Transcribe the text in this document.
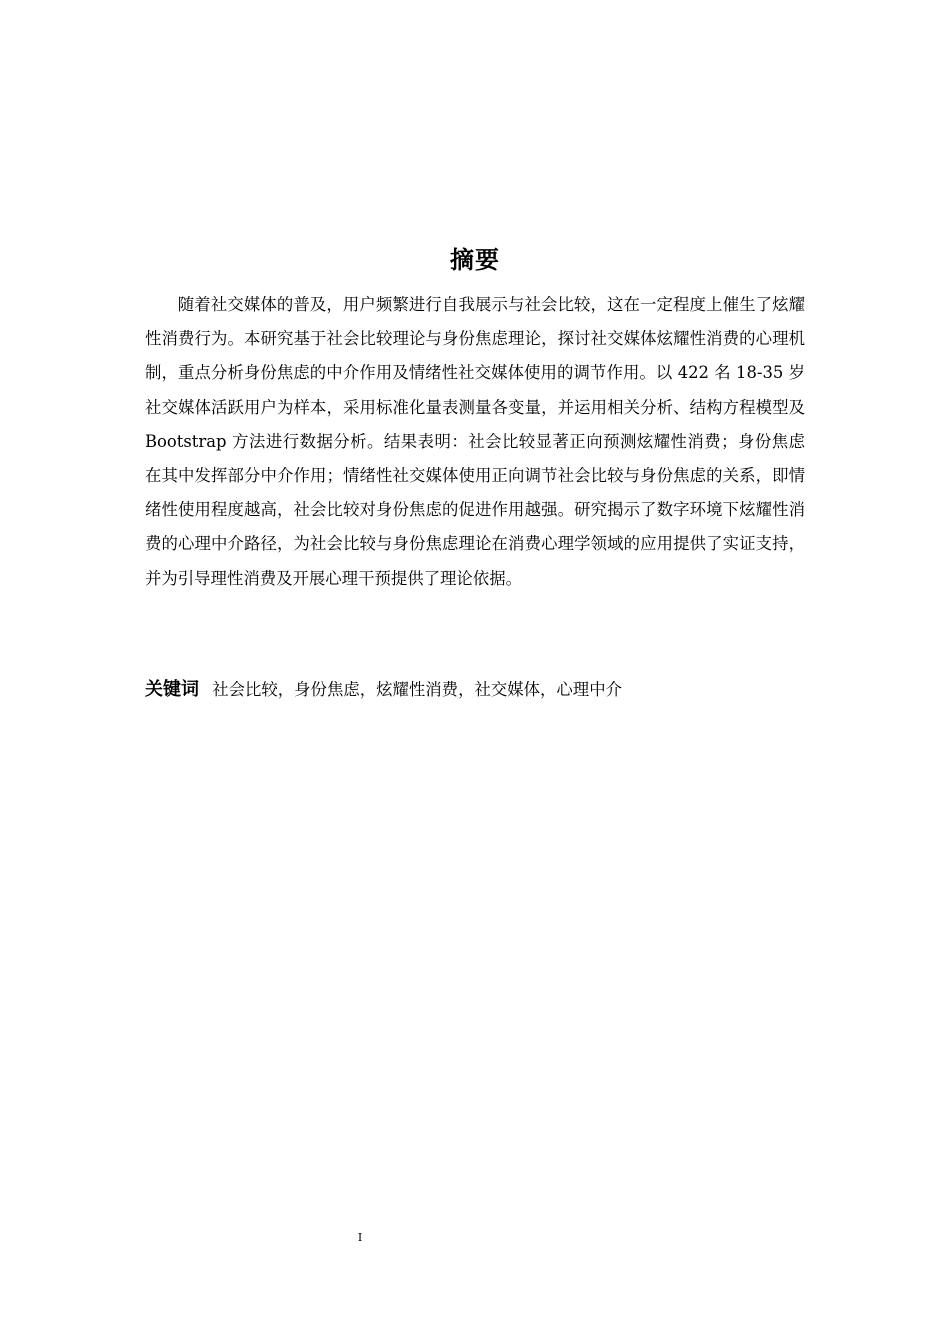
摘要

随着社交媒体的普及，用户频繁进行自我展示与社会比较，这在一定程度上催生了炫耀性消费行为。本研究基于社会比较理论与身份焦虑理论，探讨社交媒体炫耀性消费的心理机制，重点分析身份焦虑的中介作用及情绪性社交媒体使用的调节作用。以 422 名 18-35 岁社交媒体活跃用户为样本，采用标准化量表测量各变量，并运用相关分析、结构方程模型及 Bootstrap 方法进行数据分析。结果表明：社会比较显著正向预测炫耀性消费；身份焦虑在其中发挥部分中介作用；情绪性社交媒体使用正向调节社会比较与身份焦虑的关系，即情绪性使用程度越高，社会比较对身份焦虑的促进作用越强。研究揭示了数字环境下炫耀性消费的心理中介路径，为社会比较与身份焦虑理论在消费心理学领域的应用提供了实证支持，并为引导理性消费及开展心理干预提供了理论依据。

关键词 社会比较，身份焦虑，炫耀性消费，社交媒体，心理中介
I
